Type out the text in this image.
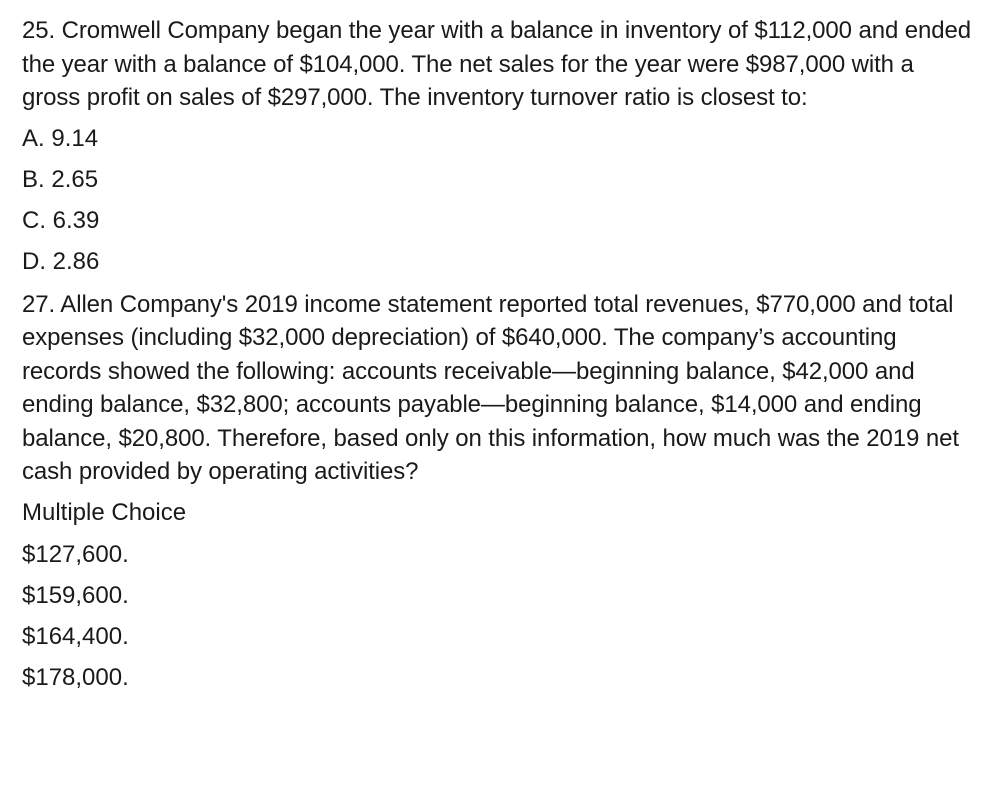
25. Cromwell Company began the year with a balance in inventory of $112,000 and ended the year with a balance of $104,000. The net sales for the year were $987,000 with a gross profit on sales of $297,000. The inventory turnover ratio is closest to:

A. 9.14
B. 2.65
C. 6.39
D. 2.86

27. Allen Company's 2019 income statement reported total revenues, $770,000 and total expenses (including $32,000 depreciation) of $640,000. The company’s accounting records showed the following: accounts receivable—beginning balance, $42,000 and ending balance, $32,800; accounts payable—beginning balance, $14,000 and ending balance, $20,800. Therefore, based only on this information, how much was the 2019 net cash provided by operating activities?

Multiple Choice
$127,600.
$159,600.
$164,400.
$178,000.
